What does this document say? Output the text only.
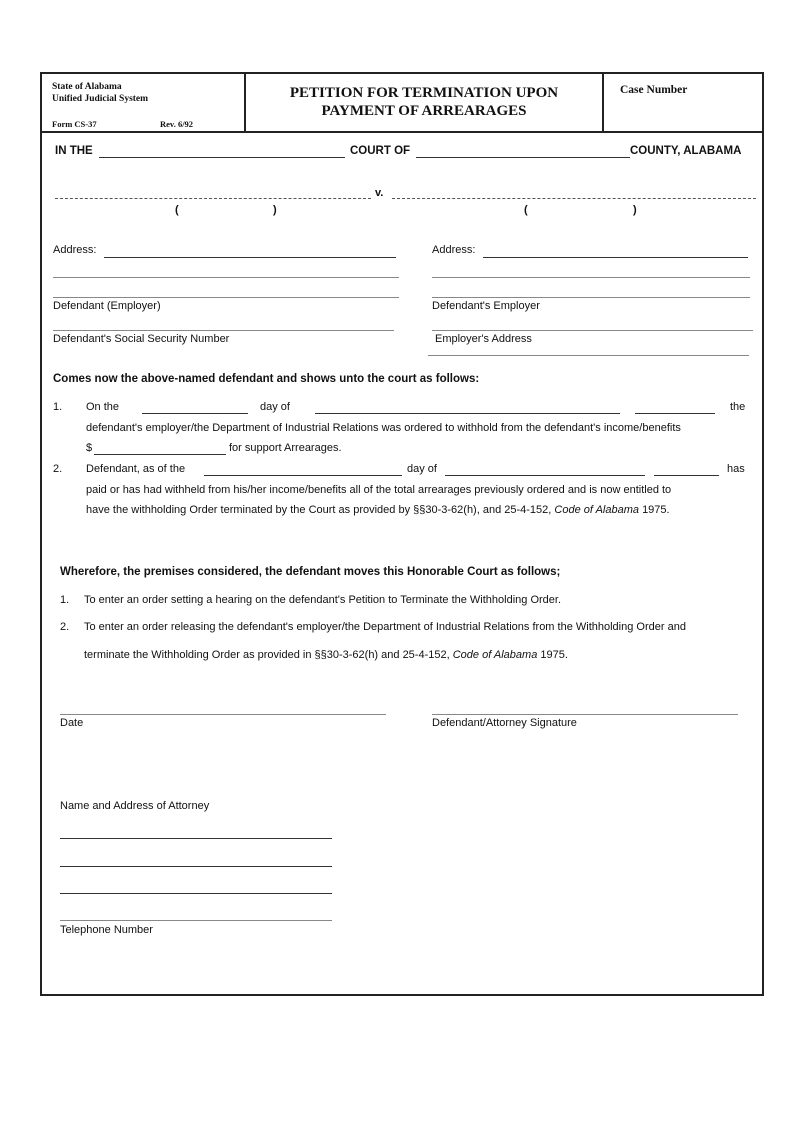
State of Alabama
Unified Judicial System
Form CS-37	Rev. 6/92
PETITION FOR TERMINATION UPON
PAYMENT OF ARREARAGES
Case Number
IN THE	COURT OF	COUNTY, ALABAMA
v.
(	)	(	)
Address:
Defendant (Employer)
Defendant's Social Security Number
Address:
Defendant's Employer
Employer's Address
Comes now the above-named defendant and shows unto the court as follows:
1. On the	day of	the
defendant's employer/the Department of Industrial Relations was ordered to withhold from the defendant's income/benefits
$	for support Arrearages.
2. Defendant, as of the	day of	has
paid or has had withheld from his/her income/benefits all of the total arrearages previously ordered and is now entitled to
have the withholding Order terminated by the Court as provided by §§30-3-62(h), and 25-4-152, Code of Alabama 1975.
Wherefore, the premises considered, the defendant moves this Honorable Court as follows;
1. To enter an order setting a hearing on the defendant's Petition to Terminate the Withholding Order.
2. To enter an order releasing the defendant's employer/the Department of Industrial Relations from the Withholding Order and
terminate the Withholding Order as provided in §§30-3-62(h) and 25-4-152, Code of Alabama 1975.
Date	Defendant/Attorney Signature
Name and Address of Attorney
Telephone Number
